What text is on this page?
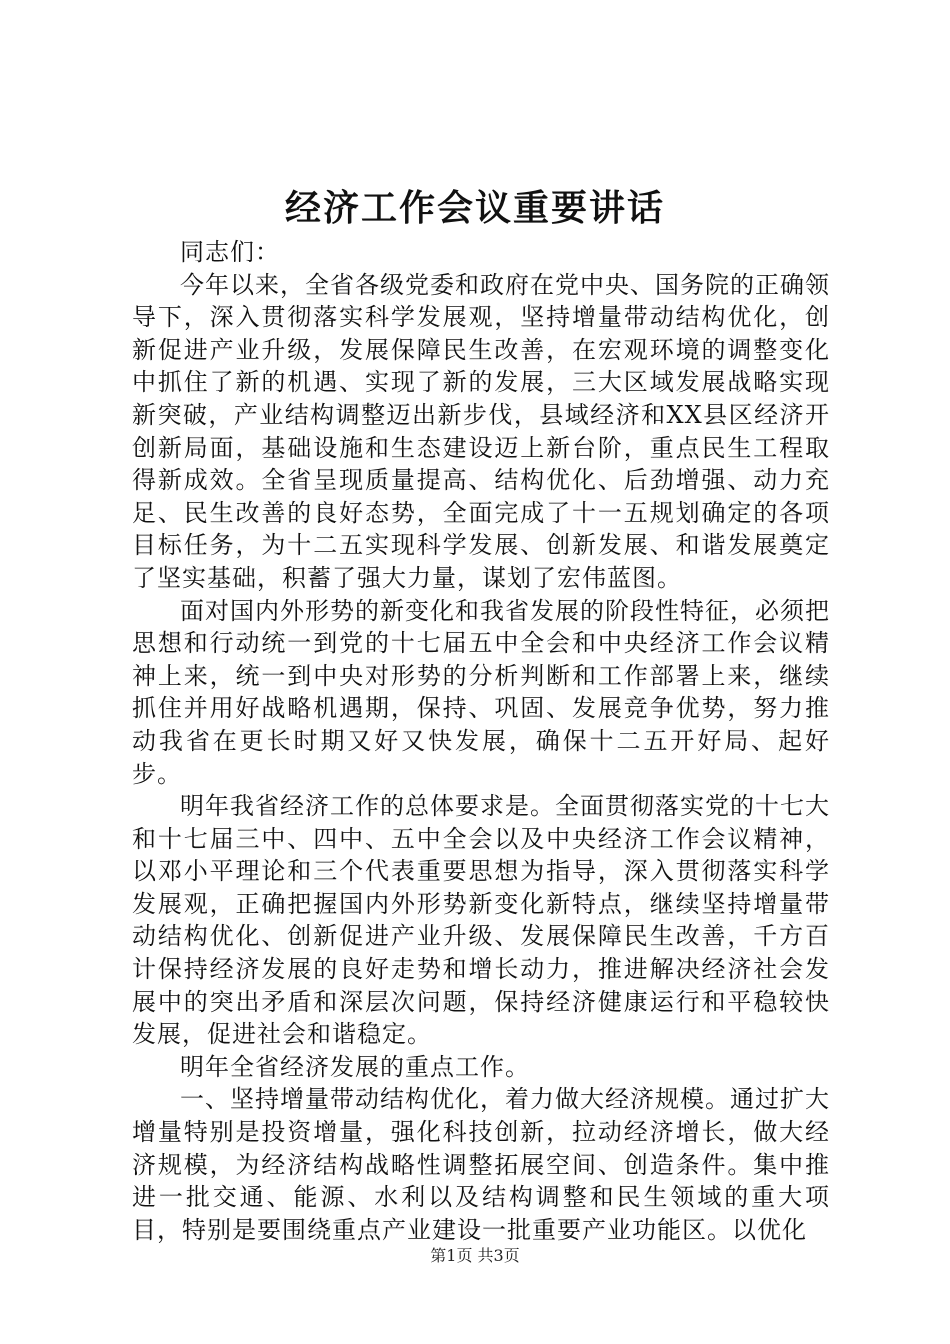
经济工作会议重要讲话

同志们：

今年以来，全省各级党委和政府在党中央、国务院的正确领导下，深入贯彻落实科学发展观，坚持增量带动结构优化，创新促进产业升级，发展保障民生改善，在宏观环境的调整变化中抓住了新的机遇、实现了新的发展，三大区域发展战略实现新突破，产业结构调整迈出新步伐，县域经济和XX县区经济开创新局面，基础设施和生态建设迈上新台阶，重点民生工程取得新成效。全省呈现质量提高、结构优化、后劲增强、动力充足、民生改善的良好态势，全面完成了十一五规划确定的各项目标任务，为十二五实现科学发展、创新发展、和谐发展奠定了坚实基础，积蓄了强大力量，谋划了宏伟蓝图。

面对国内外形势的新变化和我省发展的阶段性特征，必须把思想和行动统一到党的十七届五中全会和中央经济工作会议精神上来，统一到中央对形势的分析判断和工作部署上来，继续抓住并用好战略机遇期，保持、巩固、发展竞争优势，努力推动我省在更长时期又好又快发展，确保十二五开好局、起好步。

明年我省经济工作的总体要求是。全面贯彻落实党的十七大和十七届三中、四中、五中全会以及中央经济工作会议精神，以邓小平理论和三个代表重要思想为指导，深入贯彻落实科学发展观，正确把握国内外形势新变化新特点，继续坚持增量带动结构优化、创新促进产业升级、发展保障民生改善，千方百计保持经济发展的良好走势和增长动力，推进解决经济社会发展中的突出矛盾和深层次问题，保持经济健康运行和平稳较快发展，促进社会和谐稳定。

明年全省经济发展的重点工作。

一、坚持增量带动结构优化，着力做大经济规模。通过扩大增量特别是投资增量，强化科技创新，拉动经济增长，做大经济规模，为经济结构战略性调整拓展空间、创造条件。集中推进一批交通、能源、水利以及结构调整和民生领域的重大项目，特别是要围绕重点产业建设一批重要产业功能区。以优化

第1页 共3页
